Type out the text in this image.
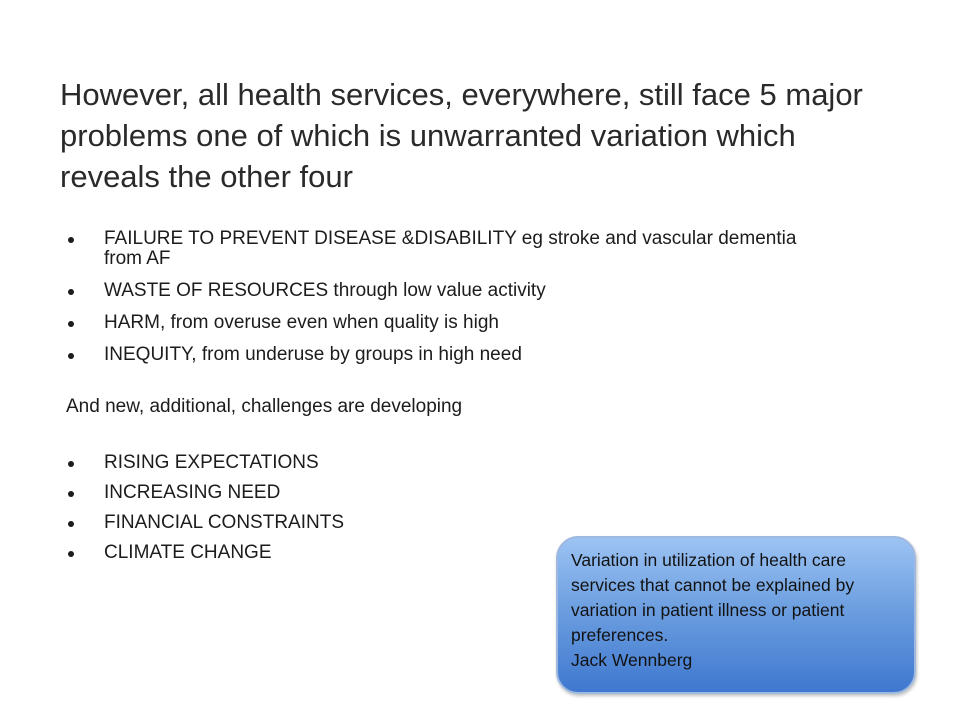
However, all health services, everywhere, still face 5 major problems one of which is unwarranted variation which reveals the other four
FAILURE TO PREVENT DISEASE &DISABILITY eg stroke and vascular dementia from AF
WASTE OF RESOURCES through low value activity
HARM, from overuse even when quality is high
INEQUITY, from underuse by groups in high need
And new, additional, challenges are developing
RISING EXPECTATIONS
INCREASING NEED
FINANCIAL CONSTRAINTS
CLIMATE CHANGE	Variation in utilization of health care services that cannot be explained by variation in patient illness or patient preferences.
Jack Wennberg
